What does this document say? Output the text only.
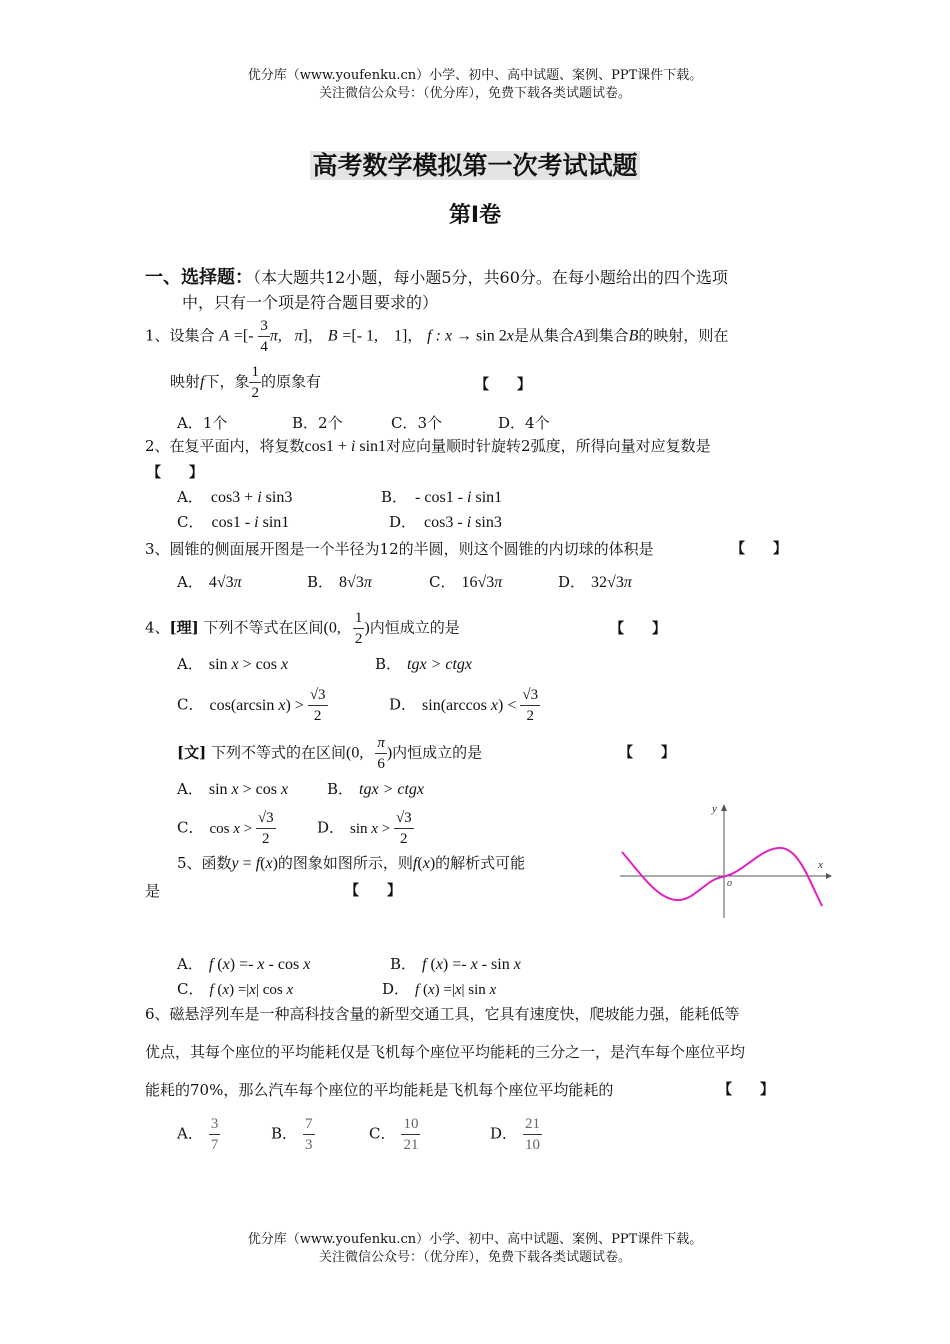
优分库（www.youfenku.cn）小学、初中、高中试题、案例、PPT课件下载。
关注微信公众号：（优分库），免费下载各类试题试卷。
高考数学模拟第一次考试试题
第Ⅰ卷
一、选择题：（本大题共12小题，每小题5分，共60分。在每小题给出的四个选项
中，只有一个项是符合题目要求的）
1、设集合 A =[- $\frac{3}{4} \pi$,   π]， B =[- 1,    1]， f : x → sin 2x是从集合A到集合B的映射，则在
映射f下，象 $\frac{1}{2}$ 的原象有	【　　】
A．1个	B．2个	C．3个	D．4个
2、在复平面内，将复数cos1 + i sin1对应向量顺时针旋转2弧度，所得向量对应复数是
【　　】
A． cos3 + i sin3	B． - cos1 - i sin1
C． cos1 - i sin1	D． cos3 - i sin3
3、圆锥的侧面展开图是一个半径为12的半圆，则这个圆锥的内切球的体积是	【　　】
A． 4√3π	B． 8√3π	C． 16√3π	D． 32√3π
4、[理] 下列不等式在区间(0, $\frac{1}{2}$ )内恒成立的是	【　　】
A． sin x > cos x	B． tgx > ctgx
C． cos(arcsin $x) > \frac{√3}{2}$	D． sin(arccos $x) < \frac{√3}{2}$
[文] 下列不等式的在区间(0, $\frac{\pi}{6}$ )内恒成立的是	【　　】
A． sin x > cos x	B． tgx > ctgx
C． $\cos x > \frac{√3}{2}$	D． $\sin x > \frac{√3}{2}$
5、函数y = f(x)的图象如图所示，则f(x)的解析式可能
是	【　　】
x
y
o
A． f (x) =- x - cos x	B． f (x) =- x - sin x
C． f (x) =|x| cos x	D． f (x) =|x| sin x
6、磁悬浮列车是一种高科技含量的新型交通工具，它具有速度快，爬坡能力强，能耗低等
优点，其每个座位的平均能耗仅是飞机每个座位平均能耗的三分之一，是汽车每个座位平均
能耗的70%，那么汽车每个座位的平均能耗是飞机每个座位平均能耗的	【　　】
A． $\frac{3}{7}$	B． $\frac{7}{3}$	C． $\frac{10}{21}$	D． $\frac{21}{10}$
优分库（www.youfenku.cn）小学、初中、高中试题、案例、PPT课件下载。
关注微信公众号：（优分库），免费下载各类试题试卷。
